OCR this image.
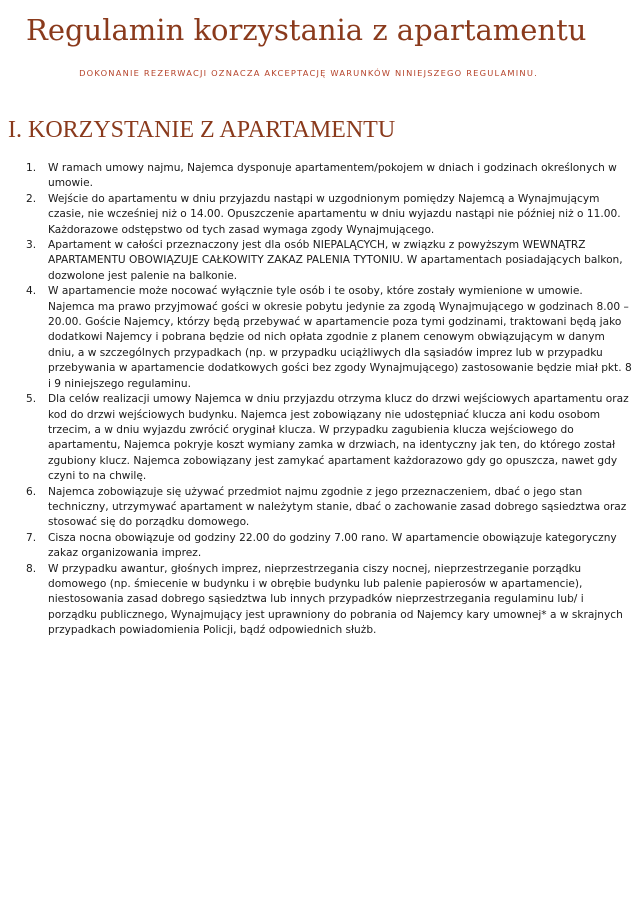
Regulamin korzystania z apartamentu

DOKONANIE REZERWACJI OZNACZA AKCEPTACJĘ WARUNKÓW NINIEJSZEGO REGULAMINU.

I. KORZYSTANIE Z APARTAMENTU
1.	W ramach umowy najmu, Najemca dysponuje apartamentem/pokojem w dniach i godzinach określonych w umowie.
2.	Wejście do apartamentu w dniu przyjazdu nastąpi w uzgodnionym pomiędzy Najemcą a Wynajmującym czasie, nie wcześniej niż o 14.00. Opuszczenie apartamentu w dniu wyjazdu nastąpi nie później niż o 11.00. Każdorazowe odstępstwo od tych zasad wymaga zgody Wynajmującego.
3.	Apartament w całości przeznaczony jest dla osób NIEPALĄCYCH, w związku z powyższym WEWNĄTRZ APARTAMENTU OBOWIĄZUJE CAŁKOWITY ZAKAZ PALENIA TYTONIU. W apartamentach posiadających balkon, dozwolone jest palenie na balkonie.
4.	W apartamencie może nocować wyłącznie tyle osób i te osoby, które zostały wymienione w umowie. Najemca ma prawo przyjmować gości w okresie pobytu jedynie za zgodą Wynajmującego w godzinach 8.00 – 20.00. Goście Najemcy, którzy będą przebywać w apartamencie poza tymi godzinami, traktowani będą jako dodatkowi Najemcy i pobrana będzie od nich opłata zgodnie z planem cenowym obwiązującym w danym dniu, a w szczególnych przypadkach (np. w przypadku uciążliwych dla sąsiadów imprez lub w przypadku przebywania w apartamencie dodatkowych gości bez zgody Wynajmującego) zastosowanie będzie miał pkt. 8 i 9 niniejszego regulaminu.
5.	Dla celów realizacji umowy Najemca w dniu przyjazdu otrzyma klucz do drzwi wejściowych apartamentu oraz kod do drzwi wejściowych budynku. Najemca jest zobowiązany nie udostępniać klucza ani kodu osobom trzecim, a w dniu wyjazdu zwrócić oryginał klucza. W przypadku zagubienia klucza wejściowego do apartamentu, Najemca pokryje koszt wymiany zamka w drzwiach, na identyczny jak ten, do którego został zgubiony klucz. Najemca zobowiązany jest zamykać apartament każdorazowo gdy go opuszcza, nawet gdy czyni to na chwilę.
6.	Najemca zobowiązuje się używać przedmiot najmu zgodnie z jego przeznaczeniem, dbać o jego stan techniczny, utrzymywać apartament w należytym stanie, dbać o zachowanie zasad dobrego sąsiedztwa oraz stosować się do porządku domowego.
7.	Cisza nocna obowiązuje od godziny 22.00 do godziny 7.00 rano. W apartamencie obowiązuje kategoryczny zakaz organizowania imprez.
8.	W przypadku awantur, głośnych imprez, nieprzestrzegania ciszy nocnej, nieprzestrzeganie porządku domowego (np. śmiecenie w budynku i w obrębie budynku lub palenie papierosów w apartamencie), niestosowania zasad dobrego sąsiedztwa lub innych przypadków nieprzestrzegania regulaminu lub/ i porządku publicznego, Wynajmujący jest uprawniony do pobrania od Najemcy kary umownej* a w skrajnych przypadkach powiadomienia Policji, bądź odpowiednich służb.
